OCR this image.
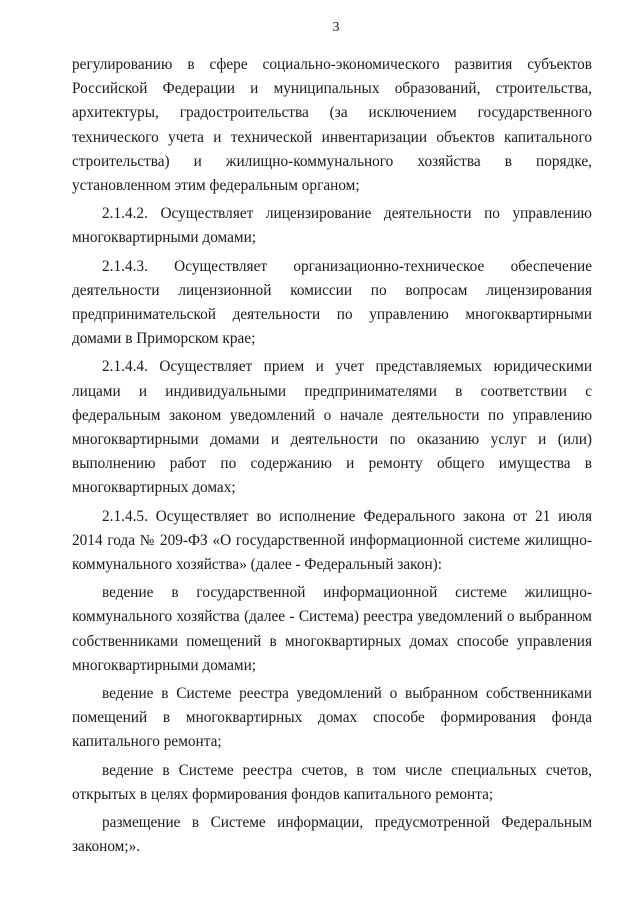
3

регулированию в сфере социально-экономического развития субъектов Российской Федерации и муниципальных образований, строительства, архитектуры, градостроительства (за исключением государственного технического учета и технической инвентаризации объектов капитального строительства) и жилищно-коммунального хозяйства в порядке, установленном этим федеральным органом;

2.1.4.2. Осуществляет лицензирование деятельности по управлению многоквартирными домами;

2.1.4.3. Осуществляет организационно-техническое обеспечение деятельности лицензионной комиссии по вопросам лицензирования предпринимательской деятельности по управлению многоквартирными домами в Приморском крае;

2.1.4.4. Осуществляет прием и учет представляемых юридическими лицами и индивидуальными предпринимателями в соответствии с федеральным законом уведомлений о начале деятельности по управлению многоквартирными домами и деятельности по оказанию услуг и (или) выполнению работ по содержанию и ремонту общего имущества в многоквартирных домах;

2.1.4.5. Осуществляет во исполнение Федерального закона от 21 июля 2014 года № 209-ФЗ «О государственной информационной системе жилищно-коммунального хозяйства» (далее - Федеральный закон):

ведение в государственной информационной системе жилищно-коммунального хозяйства (далее - Система) реестра уведомлений о выбранном собственниками помещений в многоквартирных домах способе управления многоквартирными домами;

ведение в Системе реестра уведомлений о выбранном собственниками помещений в многоквартирных домах способе формирования фонда капитального ремонта;

ведение в Системе реестра счетов, в том числе специальных счетов, открытых в целях формирования фондов капитального ремонта;

размещение в Системе информации, предусмотренной Федеральным законом;».
